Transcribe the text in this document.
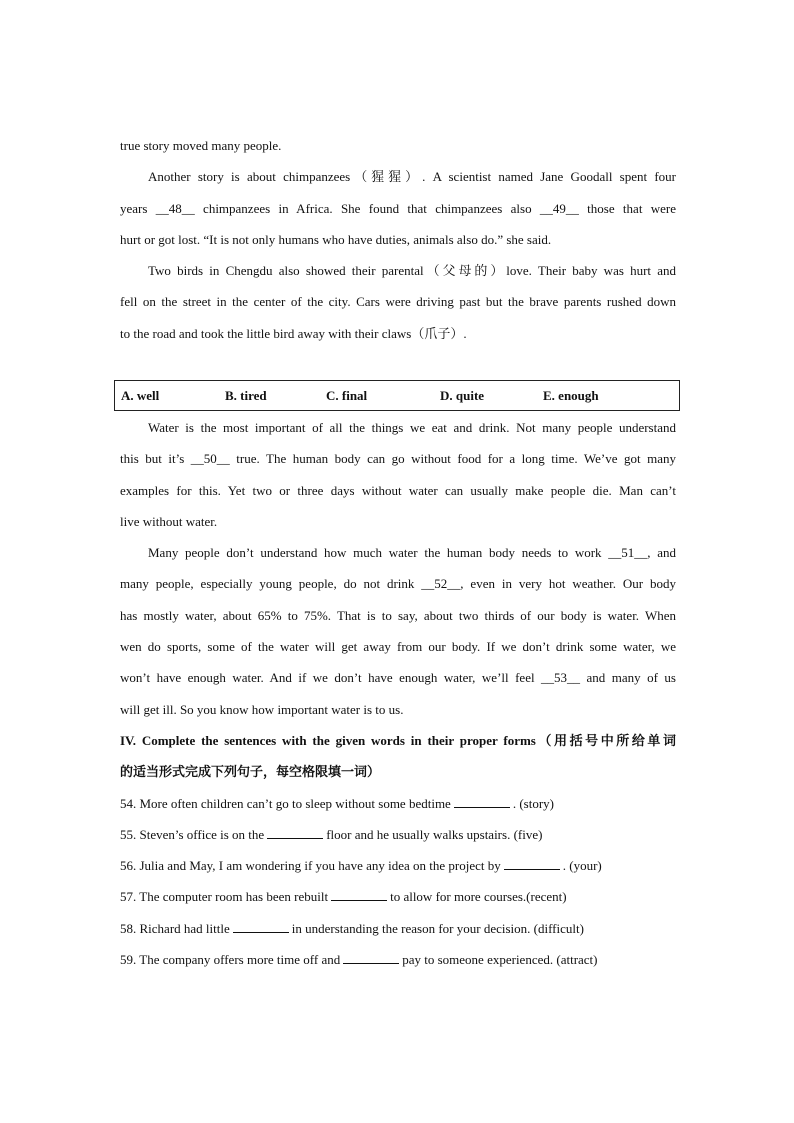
true story moved many people.
Another story is about chimpanzees（猩猩）. A scientist named Jane Goodall spent four
years __48__ chimpanzees in Africa. She found that chimpanzees also __49__ those that were
hurt or got lost. “It is not only humans who have duties, animals also do.” she said.
Two birds in Chengdu also showed their parental（父母的）love. Their baby was hurt and
fell on the street in the center of the city. Cars were driving past but the brave parents rushed down
to the road and took the little bird away with their claws（爪子）.
A. well	B. tired	C. final	D. quite	E. enough
Water is the most important of all the things we eat and drink. Not many people understand
this but it’s __50__ true. The human body can go without food for a long time. We’ve got many
examples for this. Yet two or three days without water can usually make people die. Man can’t
live without water.
Many people don’t understand how much water the human body needs to work __51__, and
many people, especially young people, do not drink __52__, even in very hot weather. Our body
has mostly water, about 65% to 75%. That is to say, about two thirds of our body is water. When
wen do sports, some of the water will get away from our body. If we don’t drink some water, we
won’t have enough water. And if we don’t have enough water, we’ll feel __53__ and many of us
will get ill. So you know how important water is to us.
IV. Complete the sentences with the given words in their proper forms（用括号中所给单词
的适当形式完成下列句子，每空格限填一词）
54. More often children can’t go to sleep without some bedtime	. (story)
55. Steven’s office is on the	floor and he usually walks upstairs. (five)
56. Julia and May, I am wondering if you have any idea on the project by	. (your)
57. The computer room has been rebuilt	to allow for more courses.(recent)
58. Richard had little	in understanding the reason for your decision. (difficult)
59. The company offers more time off and	pay to someone experienced. (attract)
